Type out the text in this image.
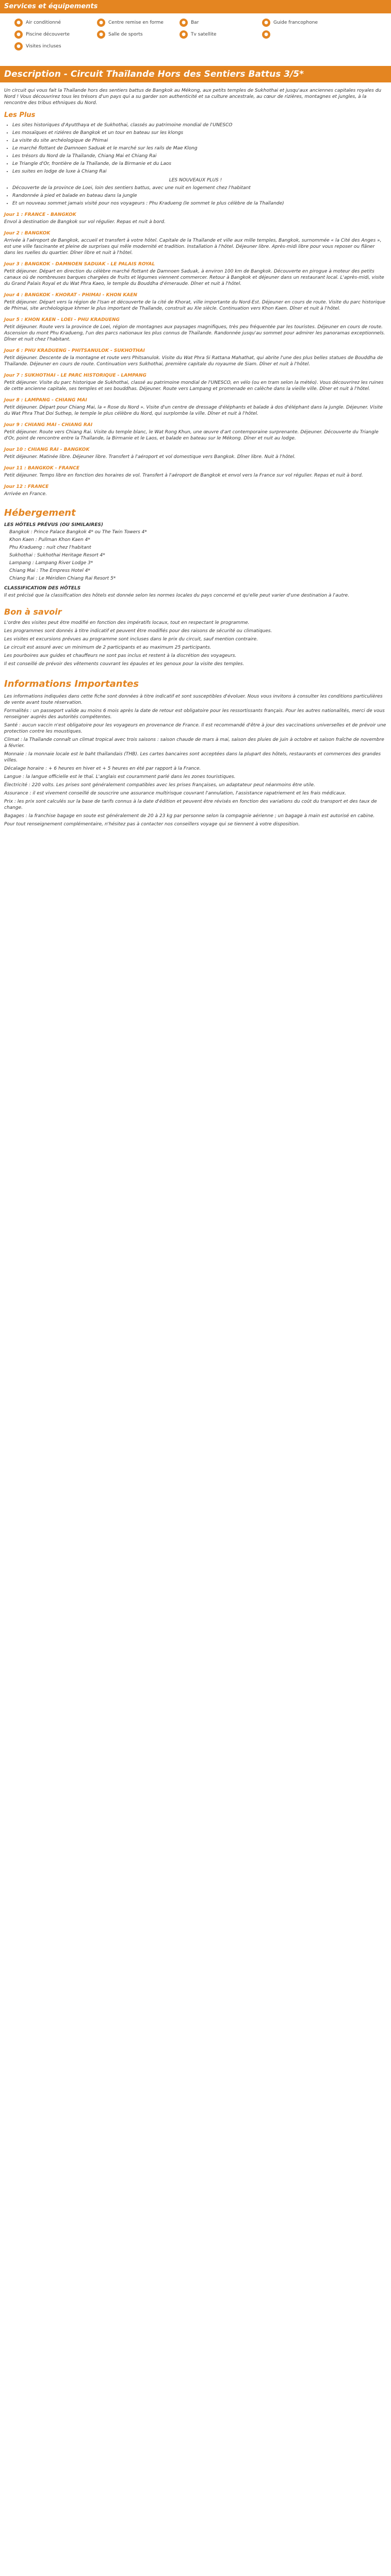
Services et équipements
●	Air conditionné	●	Centre remise en forme	●	Bar	●	Guide francophone
●	Piscine découverte	●	Salle de sports	●	Tv satellite	●
●	Visites incluses
Description - Circuit Thaïlande Hors des Sentiers Battus 3/5*

Un circuit qui vous fait la Thaïlande hors des sentiers battus de Bangkok au Mékong, aux petits temples de Sukhothai et jusqu'aux anciennes capitales royales du Nord ! Vous découvrirez tous les trésors d'un pays qui a su garder son authenticité et sa culture ancestrale, au cœur de rizières, montagnes et jungles, à la rencontre des tribus ethniques du Nord.

Les Plus
• Les sites historiques d'Ayutthaya et de Sukhothai, classés au patrimoine mondial de l'UNESCO
• Les mosaïques et riziéres de Bangkok et un tour en bateau sur les klongs
• La visite du site archéologique de Phimai
• Le marché flottant de Damnoen Saduak et le marché sur les rails de Mae Klong
• Les trésors du Nord de la Thaïlande, Chiang Mai et Chiang Rai
• Le Triangle d'Or, frontière de la Thaïlande, de la Birmanie et du Laos
• Les suites en lodge de luxe à Chiang Rai
LES NOUVEAUX PLUS !
• Découverte de la province de Loei, loin des sentiers battus, avec une nuit en logement chez l'habitant
• Randonnée à pied et balade en bateau dans la jungle
• Et un nouveau sommet jamais visité pour nos voyageurs : Phu Kradueng (le sommet le plus célèbre de la Thaïlande)
Jour 1 : FRANCE - BANGKOK

Envol à destination de Bangkok sur vol régulier. Repas et nuit à bord.

Jour 2 : BANGKOK

Arrivée à l'aéroport de Bangkok, accueil et transfert à votre hôtel. Capitale de la Thaïlande et ville aux mille temples, Bangkok, surnommée « la Cité des Anges », est une ville fascinante et pleine de surprises qui mêle modernité et tradition. Installation à l'hôtel. Déjeuner libre. Après-midi libre pour vous reposer ou flâner dans les ruelles du quartier. Dîner libre et nuit à l'hôtel.

Jour 3 : BANGKOK - DAMNOEN SADUAK - LE PALAIS ROYAL

Petit déjeuner. Départ en direction du célèbre marché flottant de Damnoen Saduak, à environ 100 km de Bangkok. Découverte en pirogue à moteur des petits canaux où de nombreuses barques chargées de fruits et légumes viennent commercer. Retour à Bangkok et déjeuner dans un restaurant local. L'après-midi, visite du Grand Palais Royal et du Wat Phra Kaeo, le temple du Bouddha d'émeraude. Dîner et nuit à l'hôtel.

Jour 4 : BANGKOK - KHORAT - PHIMAI - KHON KAEN

Petit déjeuner. Départ vers la région de l'Isan et découverte de la cité de Khorat, ville importante du Nord-Est. Déjeuner en cours de route. Visite du parc historique de Phimai, site archéologique khmer le plus important de Thaïlande, construit au XIe siècle. Continuation vers Khon Kaen. Dîner et nuit à l'hôtel.

Jour 5 : KHON KAEN - LOEI - PHU KRADUENG

Petit déjeuner. Route vers la province de Loei, région de montagnes aux paysages magnifiques, très peu fréquentée par les touristes. Déjeuner en cours de route. Ascension du mont Phu Kradueng, l'un des parcs nationaux les plus connus de Thaïlande. Randonnée jusqu'au sommet pour admirer les panoramas exceptionnels. Dîner et nuit chez l'habitant.

Jour 6 : PHU KRADUENG - PHITSANULOK - SUKHOTHAI

Petit déjeuner. Descente de la montagne et route vers Phitsanulok. Visite du Wat Phra Si Rattana Mahathat, qui abrite l'une des plus belles statues de Bouddha de Thaïlande. Déjeuner en cours de route. Continuation vers Sukhothai, première capitale du royaume de Siam. Dîner et nuit à l'hôtel.

Jour 7 : SUKHOTHAI - LE PARC HISTORIQUE - LAMPANG

Petit déjeuner. Visite du parc historique de Sukhothai, classé au patrimoine mondial de l'UNESCO, en vélo (ou en tram selon la météo). Vous découvrirez les ruines de cette ancienne capitale, ses temples et ses bouddhas. Déjeuner. Route vers Lampang et promenade en calèche dans la vieille ville. Dîner et nuit à l'hôtel.

Jour 8 : LAMPANG - CHIANG MAI

Petit déjeuner. Départ pour Chiang Mai, la « Rose du Nord ». Visite d'un centre de dressage d'éléphants et balade à dos d'éléphant dans la jungle. Déjeuner. Visite du Wat Phra That Doi Suthep, le temple le plus célèbre du Nord, qui surplombe la ville. Dîner et nuit à l'hôtel.

Jour 9 : CHIANG MAI - CHIANG RAI

Petit déjeuner. Route vers Chiang Rai. Visite du temple blanc, le Wat Rong Khun, une œuvre d'art contemporaine surprenante. Déjeuner. Découverte du Triangle d'Or, point de rencontre entre la Thaïlande, la Birmanie et le Laos, et balade en bateau sur le Mékong. Dîner et nuit au lodge.

Jour 10 : CHIANG RAI - BANGKOK

Petit déjeuner. Matinée libre. Déjeuner libre. Transfert à l'aéroport et vol domestique vers Bangkok. Dîner libre. Nuit à l'hôtel.

Jour 11 : BANGKOK - FRANCE

Petit déjeuner. Temps libre en fonction des horaires de vol. Transfert à l'aéroport de Bangkok et envol vers la France sur vol régulier. Repas et nuit à bord.

Jour 12 : FRANCE

Arrivée en France.

Hébergement
LES HÔTELS PRÉVUS (OU SIMILAIRES)

Bangkok : Prince Palace Bangkok 4* ou The Twin Towers 4*

Khon Kaen : Pullman Khon Kaen 4*

Phu Kradueng : nuit chez l'habitant

Sukhothai : Sukhothai Heritage Resort 4*

Lampang : Lampang River Lodge 3*

Chiang Mai : The Empress Hotel 4*

Chiang Rai : Le Méridien Chiang Rai Resort 5*

CLASSIFICATION DES HÔTELS

Il est précisé que la classification des hôtels est donnée selon les normes locales du pays concerné et qu'elle peut varier d'une destination à l'autre.

Bon à savoir

L'ordre des visites peut être modifié en fonction des impératifs locaux, tout en respectant le programme.

Les programmes sont donnés à titre indicatif et peuvent être modifiés pour des raisons de sécurité ou climatiques.

Les visites et excursions prévues au programme sont incluses dans le prix du circuit, sauf mention contraire.

Le circuit est assuré avec un minimum de 2 participants et au maximum 25 participants.

Les pourboires aux guides et chauffeurs ne sont pas inclus et restent à la discrétion des voyageurs.

Il est conseillé de prévoir des vêtements couvrant les épaules et les genoux pour la visite des temples.

Informations Importantes

Les informations indiquées dans cette fiche sont données à titre indicatif et sont susceptibles d'évoluer. Nous vous invitons à consulter les conditions particulières de vente avant toute réservation.

Formalités : un passeport valide au moins 6 mois après la date de retour est obligatoire pour les ressortissants français. Pour les autres nationalités, merci de vous renseigner auprès des autorités compétentes.

Santé : aucun vaccin n'est obligatoire pour les voyageurs en provenance de France. Il est recommandé d'être à jour des vaccinations universelles et de prévoir une protection contre les moustiques.

Climat : la Thaïlande connaît un climat tropical avec trois saisons : saison chaude de mars à mai, saison des pluies de juin à octobre et saison fraîche de novembre à février.

Monnaie : la monnaie locale est le baht thaïlandais (THB). Les cartes bancaires sont acceptées dans la plupart des hôtels, restaurants et commerces des grandes villes.

Décalage horaire : + 6 heures en hiver et + 5 heures en été par rapport à la France.

Langue : la langue officielle est le thaï. L'anglais est couramment parlé dans les zones touristiques.

Électricité : 220 volts. Les prises sont généralement compatibles avec les prises françaises, un adaptateur peut néanmoins être utile.

Assurance : il est vivement conseillé de souscrire une assurance multirisque couvrant l'annulation, l'assistance rapatriement et les frais médicaux.

Prix : les prix sont calculés sur la base de tarifs connus à la date d'édition et peuvent être révisés en fonction des variations du coût du transport et des taux de change.

Bagages : la franchise bagage en soute est généralement de 20 à 23 kg par personne selon la compagnie aérienne ; un bagage à main est autorisé en cabine.

Pour tout renseignement complémentaire, n'hésitez pas à contacter nos conseillers voyage qui se tiennent à votre disposition.
